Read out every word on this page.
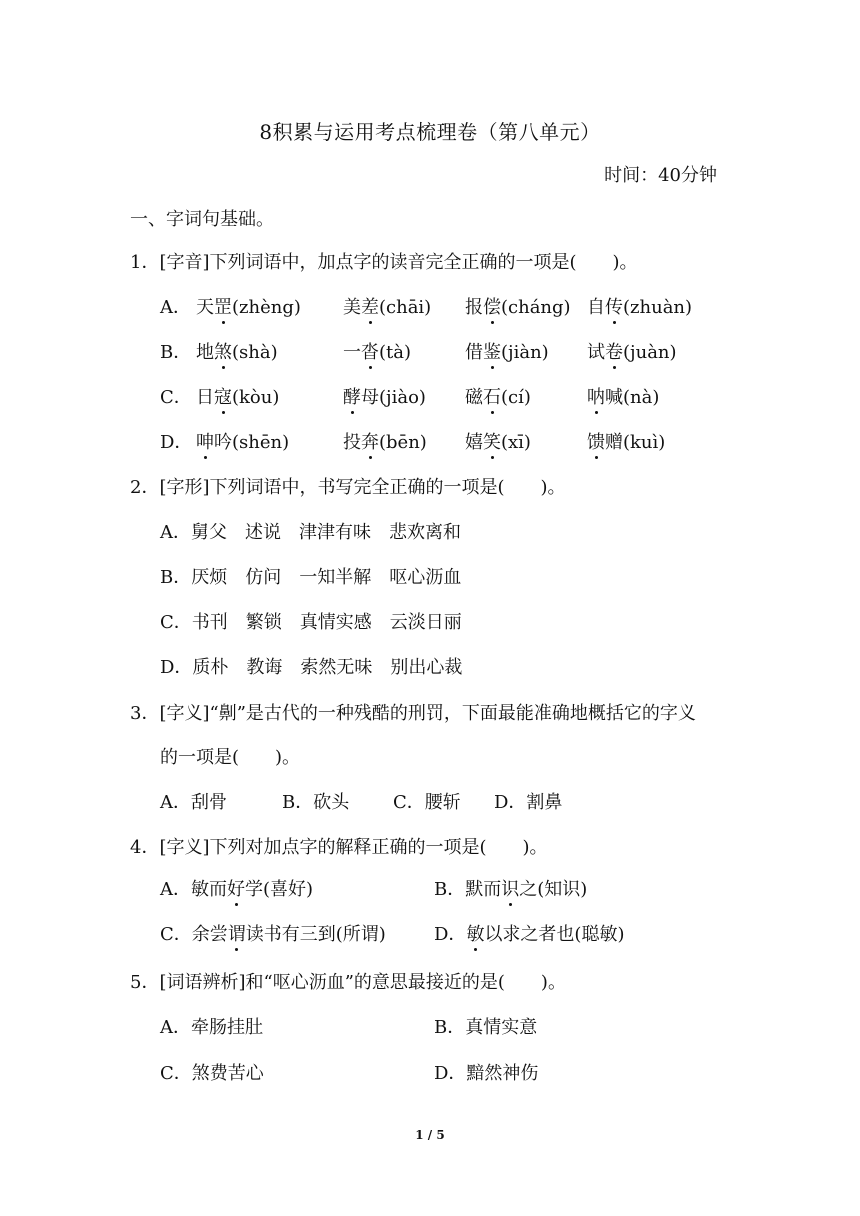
8积累与运用考点梳理卷（第八单元）
时间：40分钟
一、字词句基础。
1．[字音]下列词语中，加点字的读音完全正确的一项是(　　)。
A． 天罡(zhèng) 美差(chāi) 报偿(cháng) 自传(zhuàn)
B． 地煞(shà)	一沓(tà)	借鉴(jiàn) 试卷(juàn)
C． 日寇(kòu)	酵母(jiào) 磁石(cí)	呐喊(nà)
D． 呻吟(shēn)	投奔(bēn) 嬉笑(xī)	馈赠(kuì)
2．[字形]下列词语中，书写完全正确的一项是(　　)。
A．舅父　述说　津津有味　悲欢离和
B．厌烦　仿问　一知半解　呕心沥血
C．书刊　繁锁　真情实感　云淡日丽
D．质朴　教诲　索然无味　别出心裁
3．[字义]“劓”是古代的一种残酷的刑罚，下面最能准确地概括它的字义
的一项是(　　)。
A．刮骨	B．砍头 C．腰斩 D．割鼻
4．[字义]下列对加点字的解释正确的一项是(　　)。
A．敏而好学(喜好)	B．默而识之(知识)
C．余尝谓读书有三到(所谓)	D．敏以求之者也(聪敏)
5．[词语辨析]和“呕心沥血”的意思最接近的是(　　)。
A．牵肠挂肚	B．真情实意
C．煞费苦心	D．黯然神伤
1 / 5
